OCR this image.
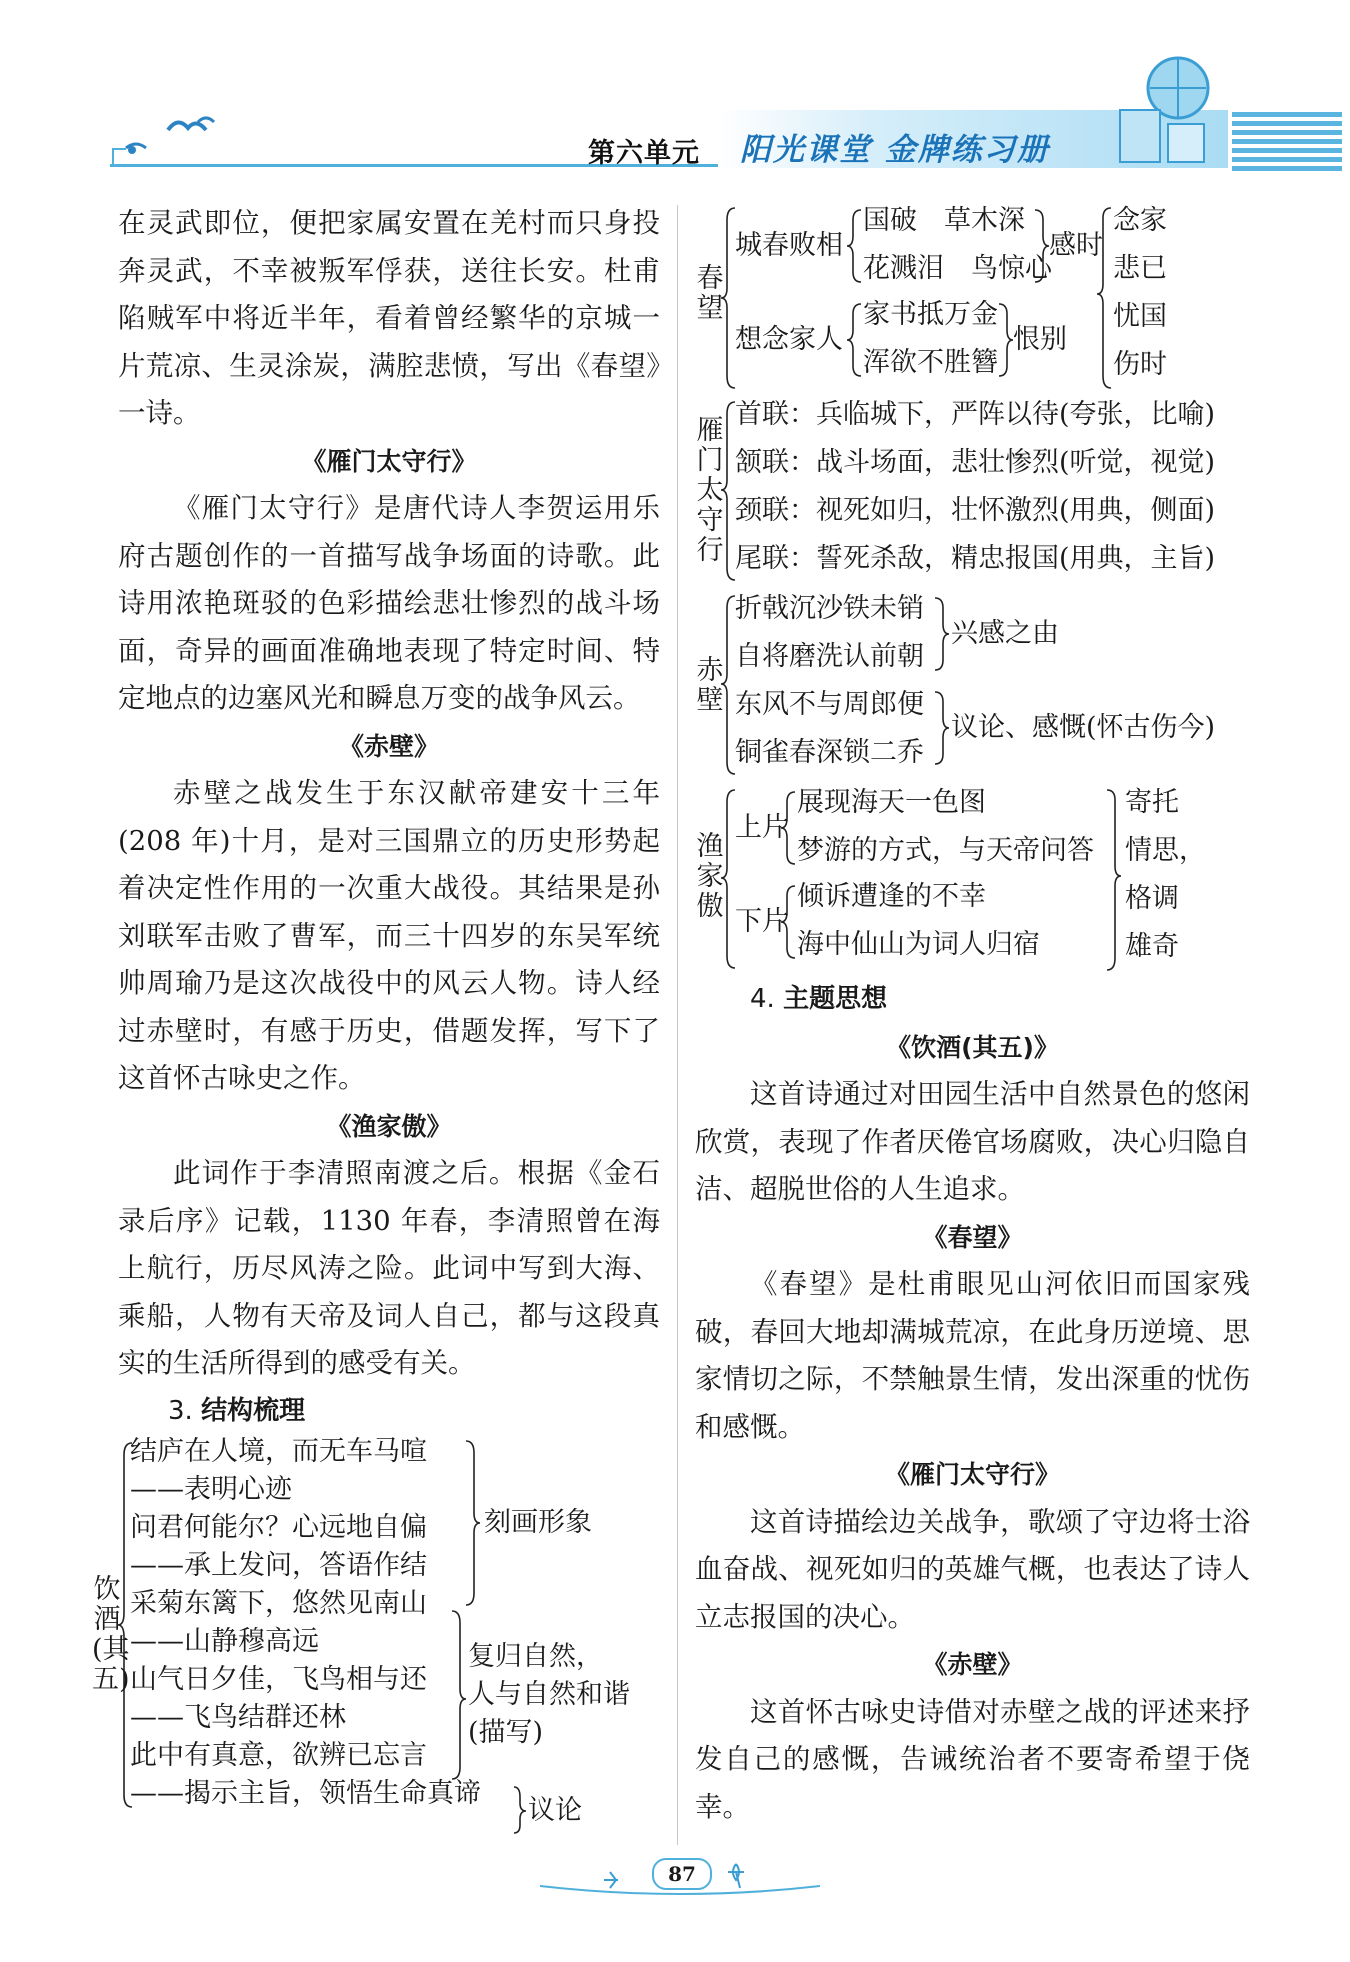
第六单元 阳光课堂 金牌练习册

在灵武即位，便把家属安置在羌村而只身投奔灵武，不幸被叛军俘获，送往长安。杜甫陷贼军中将近半年，看着曾经繁华的京城一片荒凉、生灵涂炭，满腔悲愤，写出《春望》一诗。

《雁门太守行》

《雁门太守行》是唐代诗人李贺运用乐府古题创作的一首描写战争场面的诗歌。此诗用浓艳斑驳的色彩描绘悲壮惨烈的战斗场面，奇异的画面准确地表现了特定时间、特定地点的边塞风光和瞬息万变的战争风云。

《赤壁》

赤壁之战发生于东汉献帝建安十三年(208 年)十月，是对三国鼎立的历史形势起着决定性作用的一次重大战役。其结果是孙刘联军击败了曹军，而三十四岁的东吴军统帅周瑜乃是这次战役中的风云人物。诗人经过赤壁时，有感于历史，借题发挥，写下了这首怀古咏史之作。

《渔家傲》

此词作于李清照南渡之后。根据《金石录后序》记载，1130 年春，李清照曾在海上航行，历尽风涛之险。此词中写到大海、乘船，人物有天帝及词人自己，都与这段真实的生活所得到的感受有关。

3. 结构梳理

饮酒(其五)
结庐在人境，而无车马喧
——表明心迹
问君何能尔？心远地自偏
——承上发问，答语作结
采菊东篱下，悠然见南山
——山静穆高远
山气日夕佳，飞鸟相与还
——飞鸟结群还林
此中有真意，欲辨已忘言
——揭示主旨，领悟生命真谛
刻画形象
复归自然，
人与自然和谐
(描写)
议论
春望
城春败相
国破　草木深
花溅泪　鸟惊心
感时
想念家人
家书抵万金
浑欲不胜簪
恨别
念家
悲已
忧国
伤时
雁门太守行
首联：兵临城下，严阵以待(夸张，比喻)
颔联：战斗场面，悲壮惨烈(听觉，视觉)
颈联：视死如归，壮怀激烈(用典，侧面)
尾联：誓死杀敌，精忠报国(用典，主旨)
赤壁
折戟沉沙铁未销
自将磨洗认前朝
东风不与周郎便
铜雀春深锁二乔
兴感之由
议论、感慨(怀古伤今)
渔家傲
上片
展现海天一色图
梦游的方式，与天帝问答
下片
倾诉遭逢的不幸
海中仙山为词人归宿
寄托
情思，
格调
雄奇

4. 主题思想

《饮酒(其五)》

这首诗通过对田园生活中自然景色的悠闲欣赏，表现了作者厌倦官场腐败，决心归隐自洁、超脱世俗的人生追求。

《春望》

《春望》是杜甫眼见山河依旧而国家残破，春回大地却满城荒凉，在此身历逆境、思家情切之际，不禁触景生情，发出深重的忧伤和感慨。

《雁门太守行》

这首诗描绘边关战争，歌颂了守边将士浴血奋战、视死如归的英雄气概，也表达了诗人立志报国的决心。

《赤壁》

这首怀古咏史诗借对赤壁之战的评述来抒发自己的感慨，告诫统治者不要寄希望于侥幸。

87
